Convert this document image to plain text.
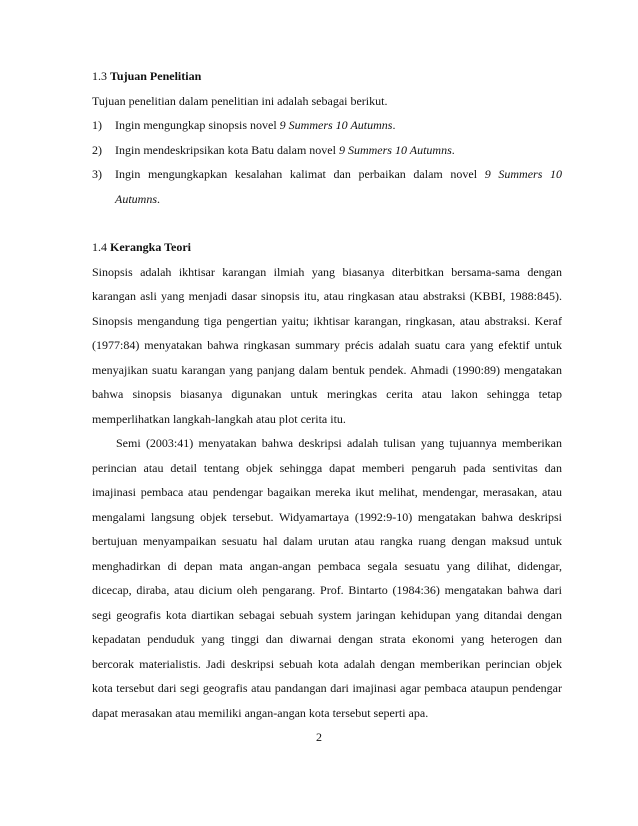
1.3 Tujuan Penelitian

Tujuan penelitian dalam penelitian ini adalah sebagai berikut.

1) Ingin mengungkap sinopsis novel 9 Summers 10 Autumns.
2) Ingin mendeskripsikan kota Batu dalam novel 9 Summers 10 Autumns.
3) Ingin mengungkapkan kesalahan kalimat dan perbaikan dalam novel 9 Summers 10 Autumns.
1.4 Kerangka Teori

Sinopsis adalah ikhtisar karangan ilmiah yang biasanya diterbitkan bersama-sama dengan karangan asli yang menjadi dasar sinopsis itu, atau ringkasan atau abstraksi (KBBI, 1988:845). Sinopsis mengandung tiga pengertian yaitu; ikhtisar karangan, ringkasan, atau abstraksi. Keraf (1977:84) menyatakan bahwa ringkasan summary précis adalah suatu cara yang efektif untuk menyajikan suatu karangan yang panjang dalam bentuk pendek. Ahmadi (1990:89) mengatakan bahwa sinopsis biasanya digunakan untuk meringkas cerita atau lakon sehingga tetap memperlihatkan langkah-langkah atau plot cerita itu.

Semi (2003:41) menyatakan bahwa deskripsi adalah tulisan yang tujuannya memberikan perincian atau detail tentang objek sehingga dapat memberi pengaruh pada sentivitas dan imajinasi pembaca atau pendengar bagaikan mereka ikut melihat, mendengar, merasakan, atau mengalami langsung objek tersebut. Widyamartaya (1992:9-10) mengatakan bahwa deskripsi bertujuan menyampaikan sesuatu hal dalam urutan atau rangka ruang dengan maksud untuk menghadirkan di depan mata angan-angan pembaca segala sesuatu yang dilihat, didengar, dicecap, diraba, atau dicium oleh pengarang. Prof. Bintarto (1984:36) mengatakan bahwa dari segi geografis kota diartikan sebagai sebuah system jaringan kehidupan yang ditandai dengan kepadatan penduduk yang tinggi dan diwarnai dengan strata ekonomi yang heterogen dan bercorak materialistis. Jadi deskripsi sebuah kota adalah dengan memberikan perincian objek kota tersebut dari segi geografis atau pandangan dari imajinasi agar pembaca ataupun pendengar dapat merasakan atau memiliki angan-angan kota tersebut seperti apa.

2
